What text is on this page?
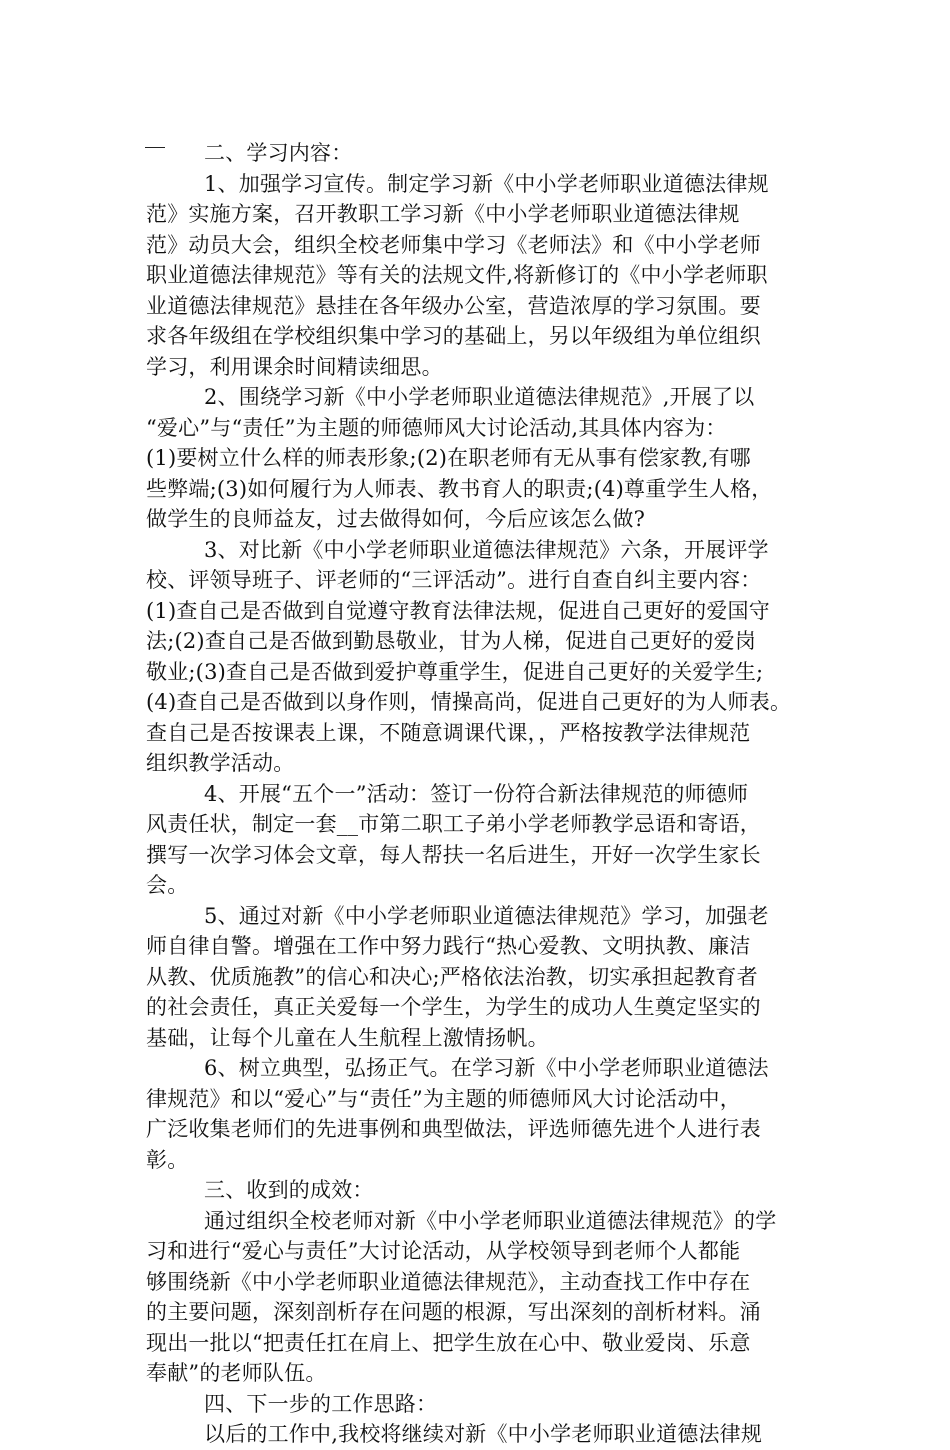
二、学习内容：
1、加强学习宣传。制定学习新《中小学老师职业道德法律规
范》实施方案，召开教职工学习新《中小学老师职业道德法律规
范》动员大会，组织全校老师集中学习《老师法》和《中小学老师
职业道德法律规范》等有关的法规文件,将新修订的《中小学老师职
业道德法律规范》悬挂在各年级办公室，营造浓厚的学习氛围。要
求各年级组在学校组织集中学习的基础上，另以年级组为单位组织
学习，利用课余时间精读细思。
2、围绕学习新《中小学老师职业道德法律规范》,开展了以
“爱心”与“责任”为主题的师德师风大讨论活动,其具体内容为：
(1)要树立什么样的师表形象;(2)在职老师有无从事有偿家教,有哪
些弊端;(3)如何履行为人师表、教书育人的职责;(4)尊重学生人格，
做学生的良师益友，过去做得如何，今后应该怎么做?
3、对比新《中小学老师职业道德法律规范》六条，开展评学
校、评领导班子、评老师的“三评活动”。进行自查自纠主要内容：
(1)查自己是否做到自觉遵守教育法律法规，促进自己更好的爱国守
法;(2)查自己是否做到勤恳敬业，甘为人梯，促进自己更好的爱岗
敬业;(3)查自己是否做到爱护尊重学生，促进自己更好的关爱学生;
(4)查自己是否做到以身作则，情操高尚，促进自己更好的为人师表。
查自己是否按课表上课，不随意调课代课，，严格按教学法律规范
组织教学活动。
4、开展“五个一”活动：签订一份符合新法律规范的师德师
风责任状，制定一套__市第二职工子弟小学老师教学忌语和寄语，
撰写一次学习体会文章，每人帮扶一名后进生，开好一次学生家长
会。
5、通过对新《中小学老师职业道德法律规范》学习，加强老
师自律自警。增强在工作中努力践行“热心爱教、文明执教、廉洁
从教、优质施教”的信心和决心;严格依法治教，切实承担起教育者
的社会责任，真正关爱每一个学生，为学生的成功人生奠定坚实的
基础，让每个儿童在人生航程上激情扬帆。
6、树立典型，弘扬正气。在学习新《中小学老师职业道德法
律规范》和以“爱心”与“责任”为主题的师德师风大讨论活动中，
广泛收集老师们的先进事例和典型做法，评选师德先进个人进行表
彰。
三、收到的成效：
通过组织全校老师对新《中小学老师职业道德法律规范》的学
习和进行“爱心与责任”大讨论活动，从学校领导到老师个人都能
够围绕新《中小学老师职业道德法律规范》，主动查找工作中存在
的主要问题，深刻剖析存在问题的根源，写出深刻的剖析材料。涌
现出一批以“把责任扛在肩上、把学生放在心中、敬业爱岗、乐意
奉献”的老师队伍。
四、下一步的工作思路：
以后的工作中,我校将继续对新《中小学老师职业道德法律规
